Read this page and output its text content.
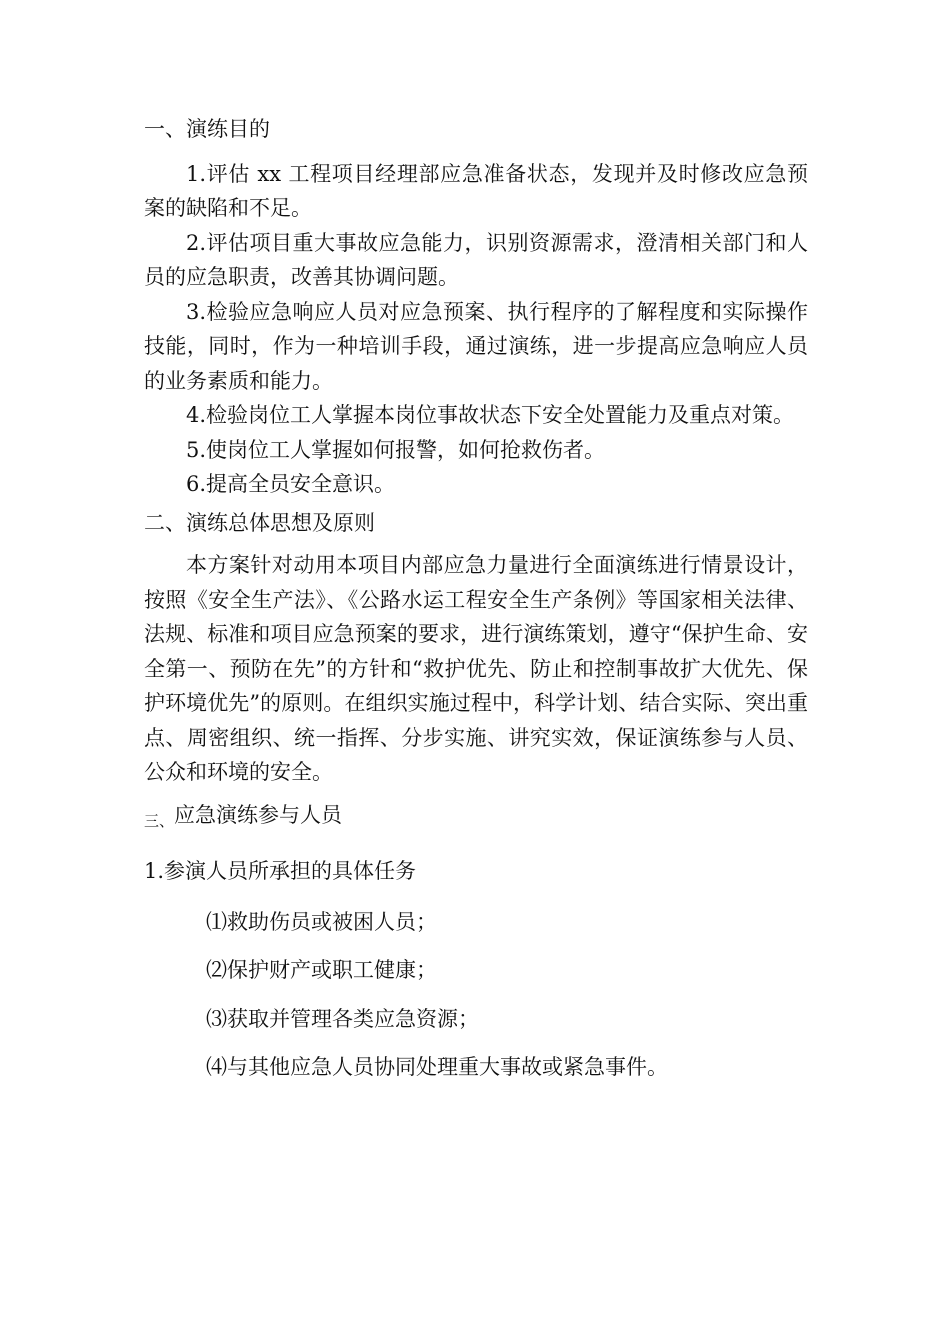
一、演练目的

1.评估 xx 工程项目经理部应急准备状态，发现并及时修改应急预案的缺陷和不足。

2.评估项目重大事故应急能力，识别资源需求，澄清相关部门和人员的应急职责，改善其协调问题。

3.检验应急响应人员对应急预案、执行程序的了解程度和实际操作技能，同时，作为一种培训手段，通过演练，进一步提高应急响应人员的业务素质和能力。

4.检验岗位工人掌握本岗位事故状态下安全处置能力及重点对策。

5.使岗位工人掌握如何报警，如何抢救伤者。

6.提高全员安全意识。

二、演练总体思想及原则

本方案针对动用本项目内部应急力量进行全面演练进行情景设计，按照《安全生产法》、《公路水运工程安全生产条例》等国家相关法律、法规、标准和项目应急预案的要求，进行演练策划，遵守“保护生命、安全第一、预防在先”的方针和“救护优先、防止和控制事故扩大优先、保护环境优先”的原则。在组织实施过程中，科学计划、结合实际、突出重点、周密组织、统一指挥、分步实施、讲究实效，保证演练参与人员、公众和环境的安全。

三、应急演练参与人员

1.参演人员所承担的具体任务

⑴救助伤员或被困人员；

⑵保护财产或职工健康；

⑶获取并管理各类应急资源；

⑷与其他应急人员协同处理重大事故或紧急事件。
